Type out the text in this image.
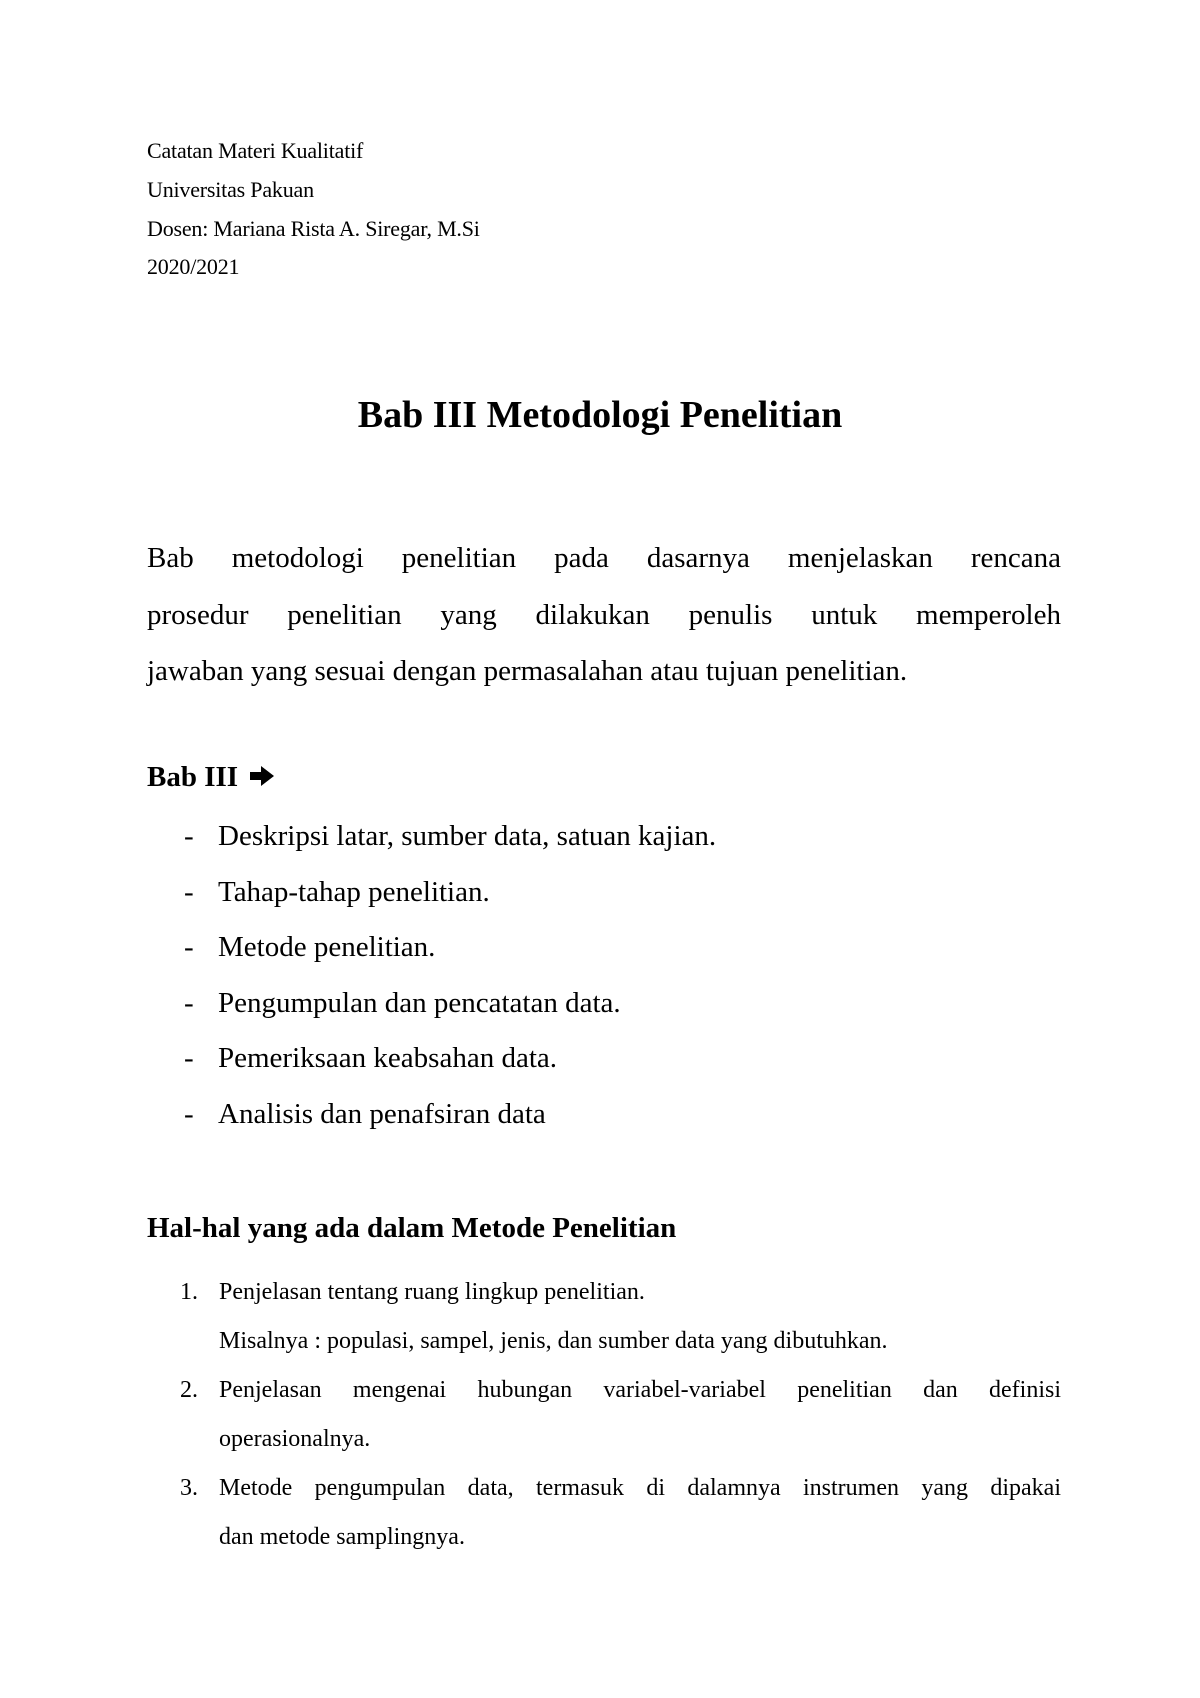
Catatan Materi Kualitatif
Universitas Pakuan
Dosen: Mariana Rista A. Siregar, M.Si
2020/2021
Bab III Metodologi Penelitian

Bab metodologi penelitian pada dasarnya menjelaskan rencana
prosedur penelitian yang dilakukan penulis untuk memperoleh
jawaban yang sesuai dengan permasalahan atau tujuan penelitian.

Bab III
- Deskripsi latar, sumber data, satuan kajian.
- Tahap-tahap penelitian.
- Metode penelitian.
- Pengumpulan dan pencatatan data.
- Pemeriksaan keabsahan data.
- Analisis dan penafsiran data
Hal-hal yang ada dalam Metode Penelitian
1. Penjelasan tentang ruang lingkup penelitian.
Misalnya : populasi, sampel, jenis, dan sumber data yang dibutuhkan.
2. Penjelasan mengenai hubungan variabel-variabel penelitian dan definisi
operasionalnya.
3. Metode pengumpulan data, termasuk di dalamnya instrumen yang dipakai
dan metode samplingnya.
